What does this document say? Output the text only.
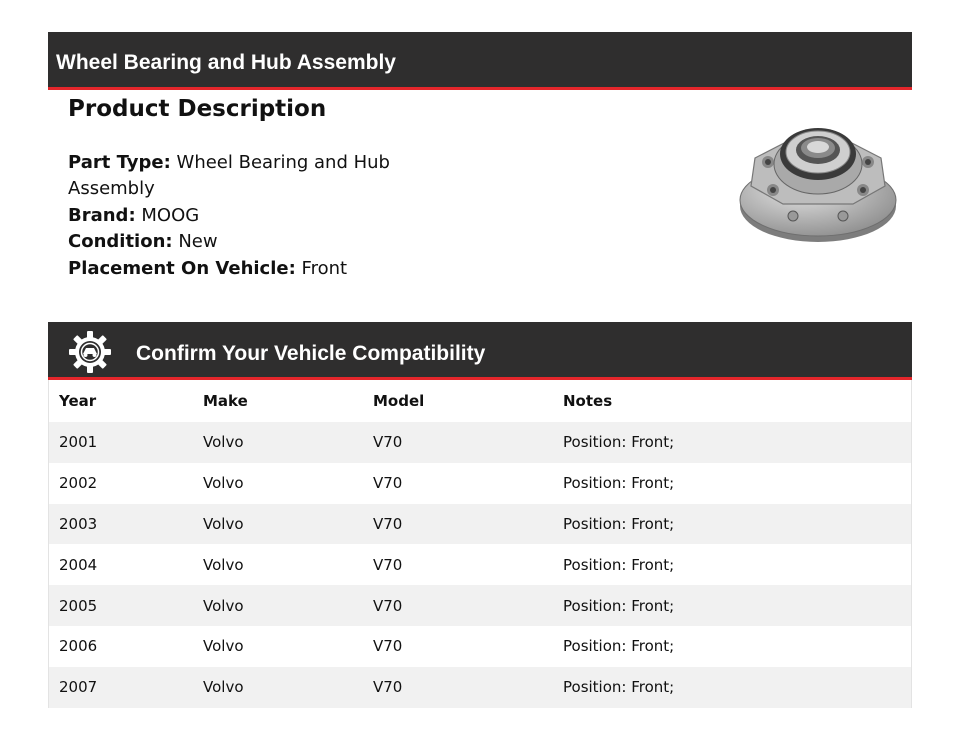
Wheel Bearing and Hub Assembly
Product Description
Part Type: Wheel Bearing and Hub Assembly
Brand: MOOG
Condition: New
Placement On Vehicle: Front
Confirm Your Vehicle Compatibility
Year	Make	Model	Notes
2001	Volvo	V70	Position: Front;
2002	Volvo	V70	Position: Front;
2003	Volvo	V70	Position: Front;
2004	Volvo	V70	Position: Front;
2005	Volvo	V70	Position: Front;
2006	Volvo	V70	Position: Front;
2007	Volvo	V70	Position: Front;
